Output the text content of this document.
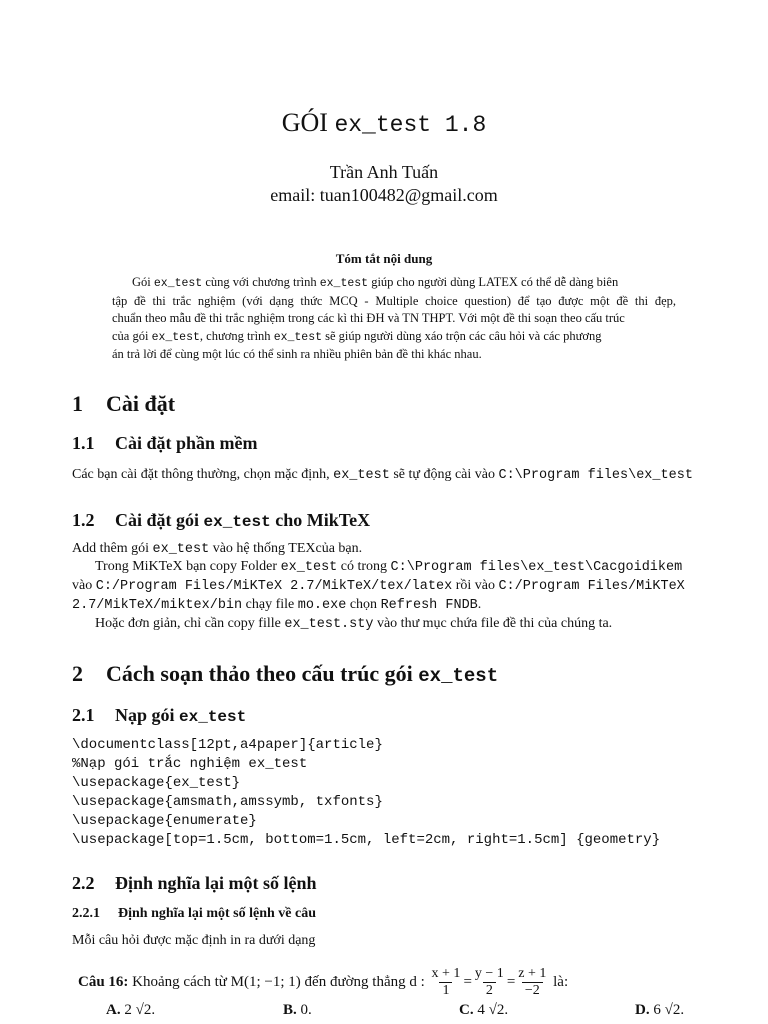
GÓI ex_test 1.8
Trần Anh Tuấn
email: tuan100482@gmail.com
Tóm tắt nội dung
Gói ex_test cùng với chương trình ex_test giúp cho người dùng LATEX có thể dễ dàng biên
tập đề thi trắc nghiệm (với dạng thức MCQ - Multiple choice question) để tạo được một đề thi đẹp,
chuẩn theo mẫu đề thi trắc nghiệm trong các kì thi ĐH và TN THPT. Với một đề thi soạn theo cấu trúc
của gói ex_test, chương trình ex_test sẽ giúp người dùng xáo trộn các câu hỏi và các phương
án trả lời để cùng một lúc có thể sinh ra nhiều phiên bản đề thi khác nhau.
1 Cài đặt
1.1 Cài đặt phần mềm
Các bạn cài đặt thông thường, chọn mặc định, ex_test sẽ tự động cài vào C:\Program files\ex_test
1.2 Cài đặt gói ex_test cho MikTeX
Add thêm gói ex_test vào hệ thống TEXcủa bạn.
Trong MiKTeX bạn copy Folder ex_test có trong C:\Program files\ex_test\Cacgoidikem
vào C:/Program Files/MiKTeX 2.7/MikTeX/tex/latex rồi vào C:/Program Files/MiKTeX
2.7/MikTeX/miktex/bin chạy file mo.exe chọn Refresh FNDB.
Hoặc đơn giản, chỉ cần copy fille ex_test.sty vào thư mục chứa file đề thi của chúng ta.
2 Cách soạn thảo theo cấu trúc gói ex_test
2.1 Nạp gói ex_test
\documentclass[12pt,a4paper]{article}
%Nạp gói trắc nghiệm ex_test
\usepackage{ex_test}
\usepackage{amsmath,amssymb, txfonts}
\usepackage{enumerate}
\usepackage[top=1.5cm, bottom=1.5cm, left=2cm, right=1.5cm] {geometry}
2.2 Định nghĩa lại một số lệnh
2.2.1 Định nghĩa lại một số lệnh về câu
Mỗi câu hỏi được mặc định in ra dưới dạng
Câu 16: Khoảng cách từ M(1; −1; 1) đến đường thẳng d : $\frac{x + 1}{1} = \frac{y - 1}{2} = \frac{z + 1}{-2}$ là:
A. 2 √2.	B. 0.	C. 4 √2.	D. 6 √2.
